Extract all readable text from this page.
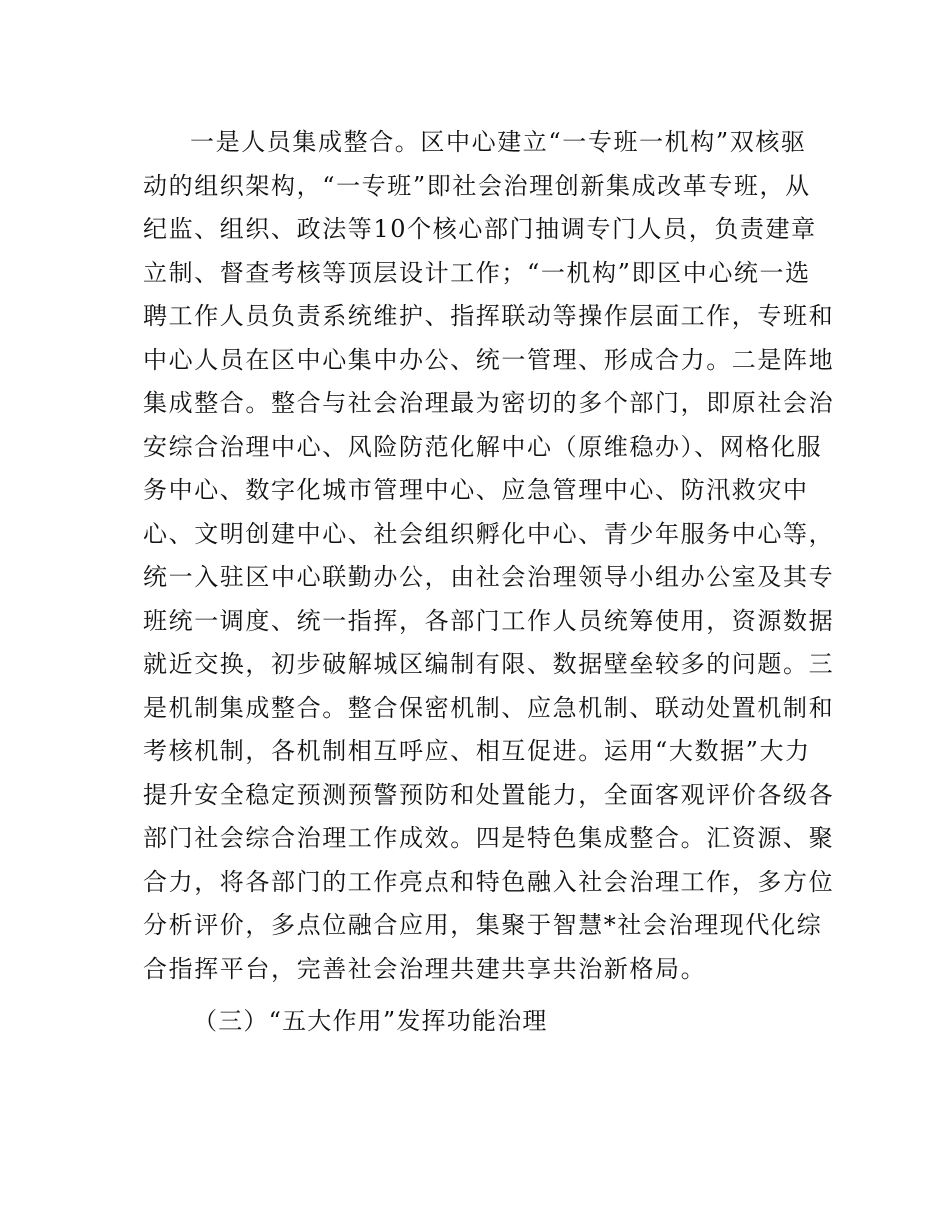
一是人员集成整合。区中心建立“一专班一机构”双核驱
动的组织架构，“一专班”即社会治理创新集成改革专班，从
纪监、组织、政法等10个核心部门抽调专门人员，负责建章
立制、督查考核等顶层设计工作；“一机构”即区中心统一选
聘工作人员负责系统维护、指挥联动等操作层面工作，专班和
中心人员在区中心集中办公、统一管理、形成合力。二是阵地
集成整合。整合与社会治理最为密切的多个部门，即原社会治
安综合治理中心、风险防范化解中心（原维稳办）、网格化服
务中心、数字化城市管理中心、应急管理中心、防汛救灾中
心、文明创建中心、社会组织孵化中心、青少年服务中心等，
统一入驻区中心联勤办公，由社会治理领导小组办公室及其专
班统一调度、统一指挥，各部门工作人员统筹使用，资源数据
就近交换，初步破解城区编制有限、数据壁垒较多的问题。三
是机制集成整合。整合保密机制、应急机制、联动处置机制和
考核机制，各机制相互呼应、相互促进。运用“大数据”大力
提升安全稳定预测预警预防和处置能力，全面客观评价各级各
部门社会综合治理工作成效。四是特色集成整合。汇资源、聚
合力，将各部门的工作亮点和特色融入社会治理工作，多方位
分析评价，多点位融合应用，集聚于智慧*社会治理现代化综
合指挥平台，完善社会治理共建共享共治新格局。
（三）“五大作用”发挥功能治理
